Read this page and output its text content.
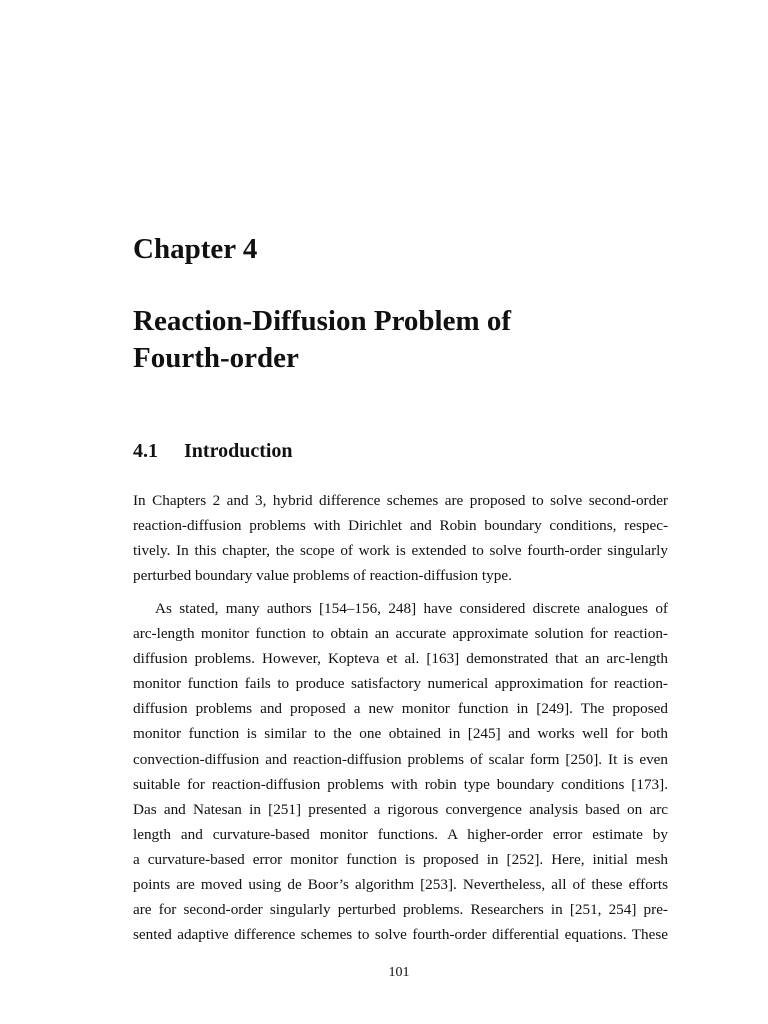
Chapter 4
Reaction-Diffusion Problem of
Fourth-order
4.1 Introduction

In Chapters 2 and 3, hybrid difference schemes are proposed to solve second-order
reaction-diffusion problems with Dirichlet and Robin boundary conditions, respec-
tively. In this chapter, the scope of work is extended to solve fourth-order singularly
perturbed boundary value problems of reaction-diffusion type.

As stated, many authors [154–156, 248] have considered discrete analogues of
arc-length monitor function to obtain an accurate approximate solution for reaction-
diffusion problems. However, Kopteva et al. [163] demonstrated that an arc-length
monitor function fails to produce satisfactory numerical approximation for reaction-
diffusion problems and proposed a new monitor function in [249]. The proposed
monitor function is similar to the one obtained in [245] and works well for both
convection-diffusion and reaction-diffusion problems of scalar form [250]. It is even
suitable for reaction-diffusion problems with robin type boundary conditions [173].
Das and Natesan in [251] presented a rigorous convergence analysis based on arc
length and curvature-based monitor functions. A higher-order error estimate by
a curvature-based error monitor function is proposed in [252]. Here, initial mesh
points are moved using de Boor’s algorithm [253]. Nevertheless, all of these efforts
are for second-order singularly perturbed problems. Researchers in [251, 254] pre-
sented adaptive difference schemes to solve fourth-order differential equations. These

101
